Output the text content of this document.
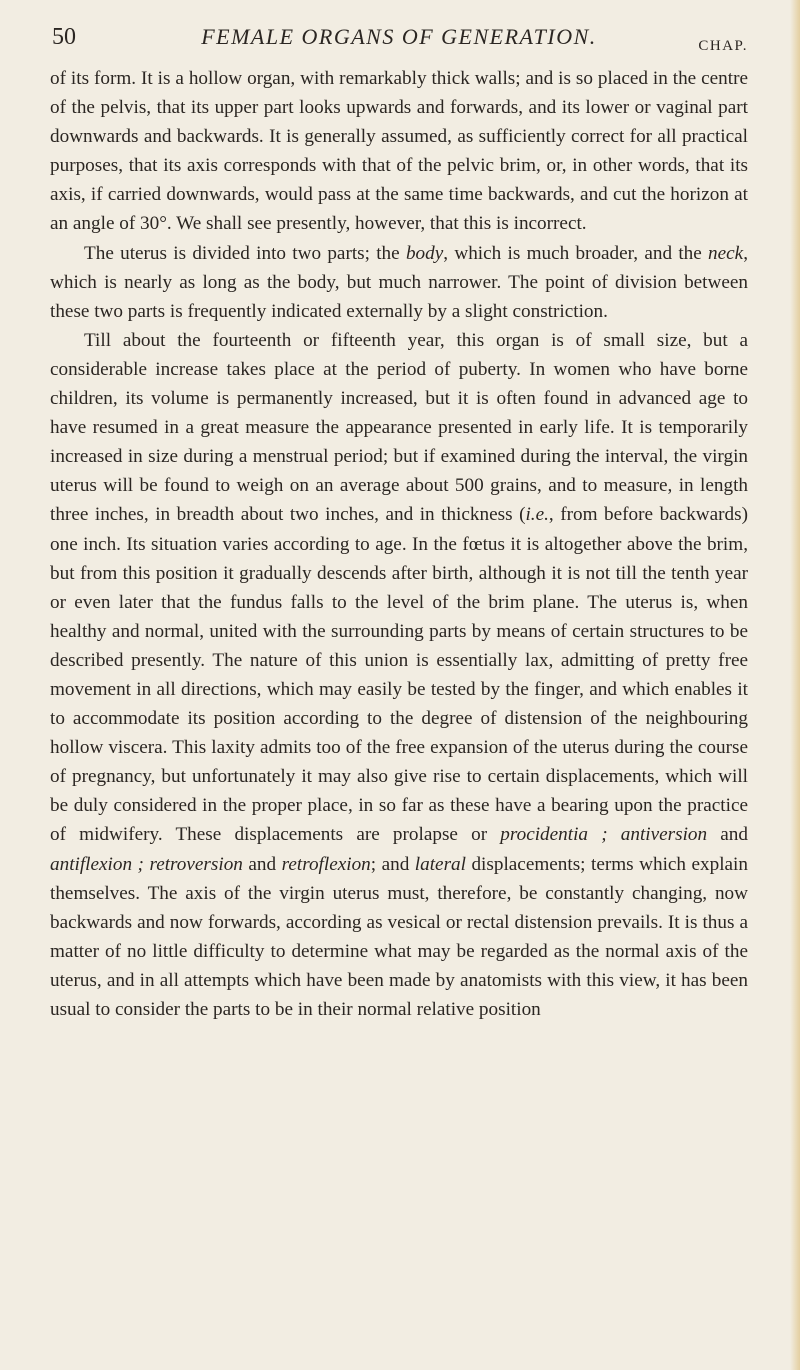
50	FEMALE ORGANS OF GENERATION.	CHAP.

of its form. It is a hollow organ, with remarkably thick walls; and is so placed in the centre of the pelvis, that its upper part looks upwards and forwards, and its lower or vaginal part downwards and backwards. It is generally assumed, as sufficiently correct for all practical purposes, that its axis corresponds with that of the pelvic brim, or, in other words, that its axis, if carried downwards, would pass at the same time backwards, and cut the horizon at an angle of 30°. We shall see presently, however, that this is incorrect.

The uterus is divided into two parts; the body, which is much broader, and the neck, which is nearly as long as the body, but much narrower. The point of division between these two parts is frequently indicated externally by a slight constriction.

Till about the fourteenth or fifteenth year, this organ is of small size, but a considerable increase takes place at the period of puberty. In women who have borne children, its volume is permanently increased, but it is often found in advanced age to have resumed in a great measure the appearance presented in early life. It is temporarily increased in size during a menstrual period; but if examined during the interval, the virgin uterus will be found to weigh on an average about 500 grains, and to measure, in length three inches, in breadth about two inches, and in thickness (i.e., from before backwards) one inch. Its situation varies according to age. In the fœtus it is altogether above the brim, but from this position it gradually descends after birth, although it is not till the tenth year or even later that the fundus falls to the level of the brim plane. The uterus is, when healthy and normal, united with the surrounding parts by means of certain structures to be described presently. The nature of this union is essentially lax, admitting of pretty free movement in all directions, which may easily be tested by the finger, and which enables it to accommodate its position according to the degree of distension of the neighbouring hollow viscera. This laxity admits too of the free expansion of the uterus during the course of pregnancy, but unfortunately it may also give rise to certain displacements, which will be duly considered in the proper place, in so far as these have a bearing upon the practice of midwifery. These displacements are prolapse or procidentia ; antiversion and antiflexion ; retroversion and retroflexion; and lateral displacements; terms which explain themselves. The axis of the virgin uterus must, therefore, be constantly changing, now backwards and now forwards, according as vesical or rectal distension prevails. It is thus a matter of no little difficulty to determine what may be regarded as the normal axis of the uterus, and in all attempts which have been made by anatomists with this view, it has been usual to consider the parts to be in their normal relative position
